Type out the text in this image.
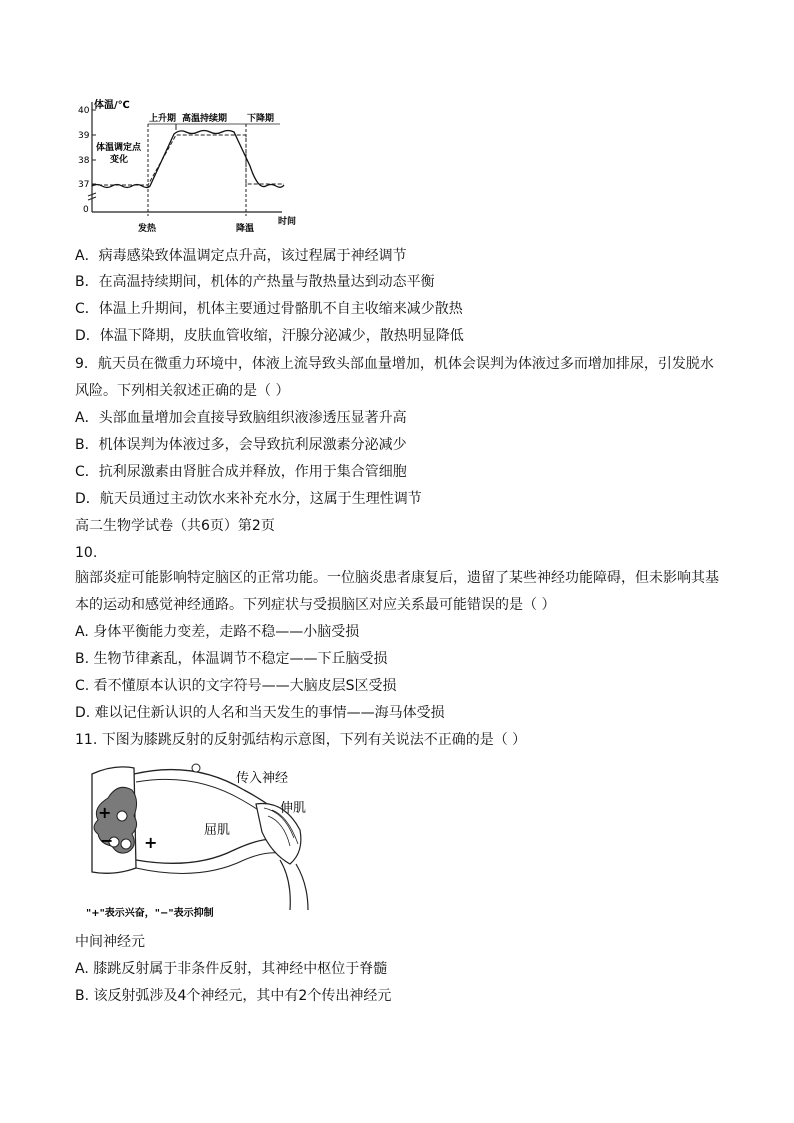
体温/℃
时间
40
39
38
37
0
上升期 高温持续期 下降期
体温调定点
变化
发热	降温
A．病毒感染致体温调定点升高，该过程属于神经调节
B．在高温持续期间，机体的产热量与散热量达到动态平衡
C．体温上升期间，机体主要通过骨骼肌不自主收缩来减少散热
D．体温下降期，皮肤血管收缩，汗腺分泌减少，散热明显降低
9．航天员在微重力环境中，体液上流导致头部血量增加，机体会误判为体液过多而增加排尿，引发脱水
风险。下列相关叙述正确的是（ ）
A．头部血量增加会直接导致脑组织液渗透压显著升高
B．机体误判为体液过多，会导致抗利尿激素分泌减少
C．抗利尿激素由肾脏合成并释放，作用于集合管细胞
D．航天员通过主动饮水来补充水分，这属于生理性调节
高二生物学试卷（共6页）第2页
10.
脑部炎症可能影响特定脑区的正常功能。一位脑炎患者康复后，遗留了某些神经功能障碍，但未影响其基
本的运动和感觉神经通路。下列症状与受损脑区对应关系最可能错误的是（ ）
A. 身体平衡能力变差，走路不稳——小脑受损
B. 生物节律紊乱，体温调节不稳定——下丘脑受损
C. 看不懂原本认识的文字符号——大脑皮层S区受损
D. 难以记住新认识的人名和当天发生的事情——海马体受损
11. 下图为膝跳反射的反射弧结构示意图，下列有关说法不正确的是（ ）
+
− +
传入神经
伸肌
屈肌
"+"表示兴奋，"−"表示抑制
中间神经元
A. 膝跳反射属于非条件反射，其神经中枢位于脊髓
B. 该反射弧涉及4个神经元，其中有2个传出神经元
